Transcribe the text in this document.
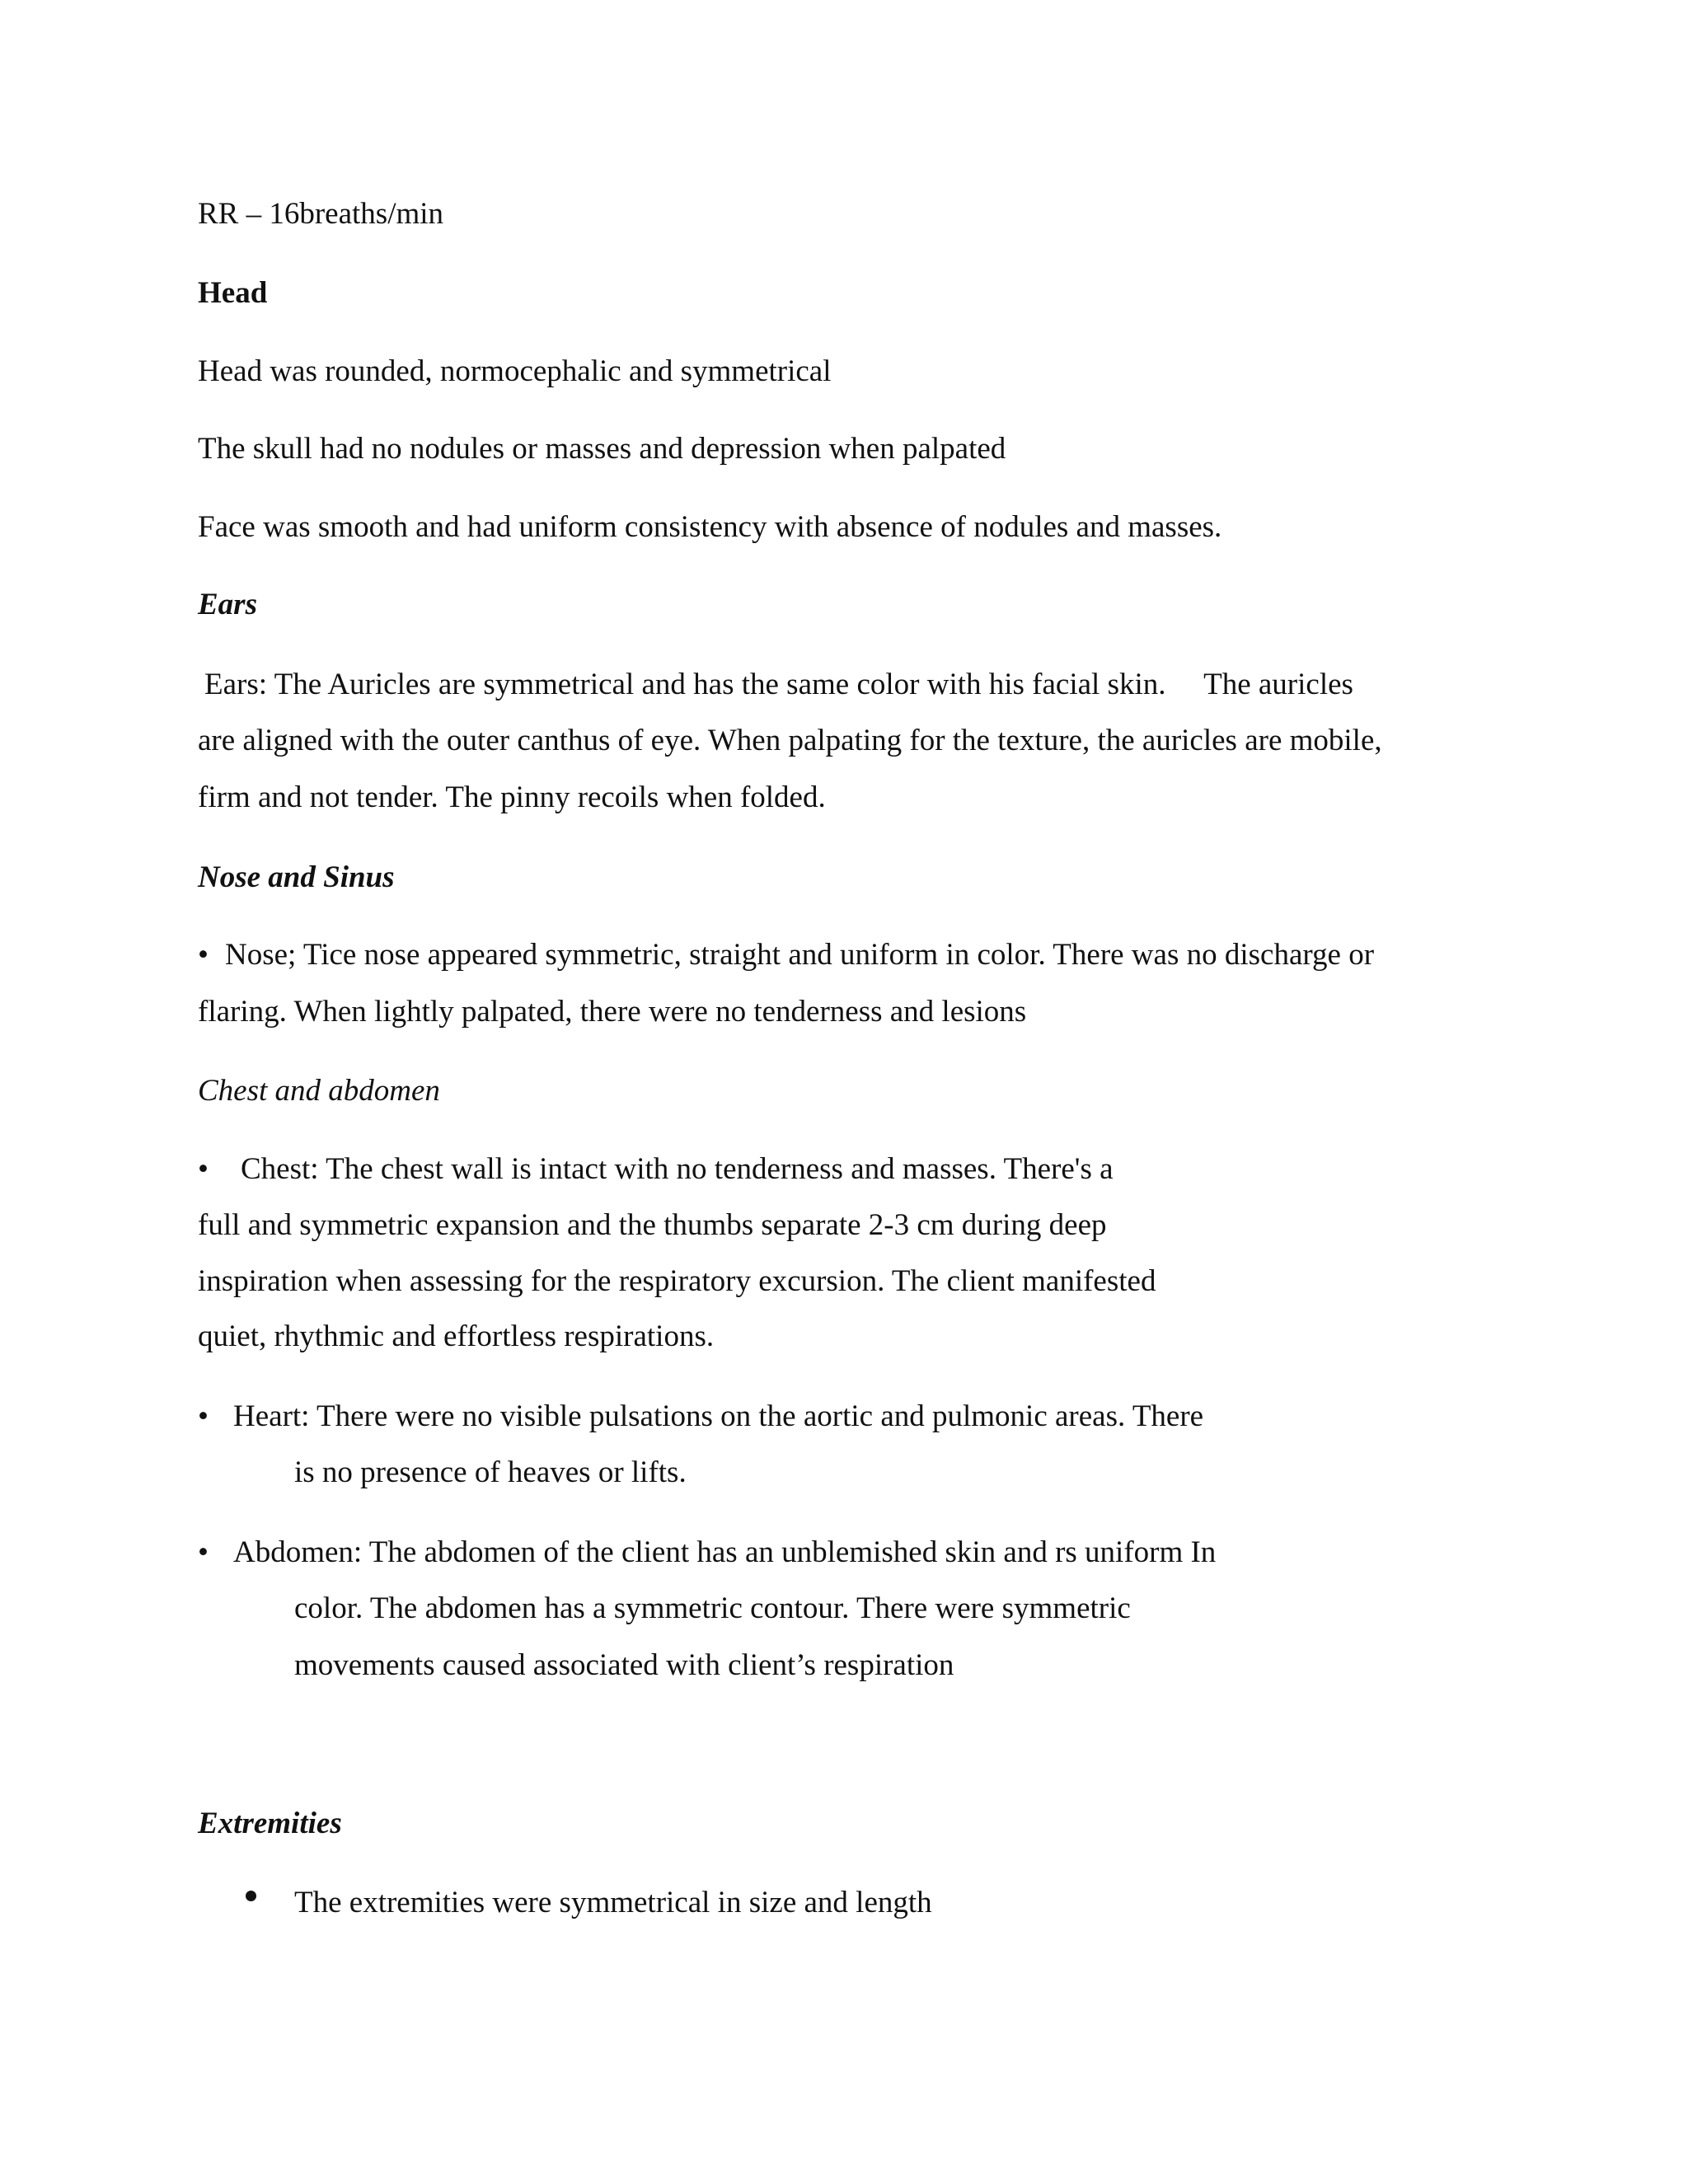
RR – 16breaths/min
Head
Head was rounded, normocephalic and symmetrical
The skull had no nodules or masses and depression when palpated
Face was smooth and had uniform consistency with absence of nodules and masses.
Ears
Ears: The Auricles are symmetrical and has the same color with his facial skin.     The auricles
are aligned with the outer canthus of eye. When palpating for the texture, the auricles are mobile,
firm and not tender. The pinny recoils when folded.
Nose and Sinus
• Nose; Tice nose appeared symmetric, straight and uniform in color. There was no discharge or
flaring. When lightly palpated, there were no tenderness and lesions
Chest and abdomen
• Chest: The chest wall is intact with no tenderness and masses. There's a
full and symmetric expansion and the thumbs separate 2-3 cm during deep
inspiration when assessing for the respiratory excursion. The client manifested
quiet, rhythmic and effortless respirations.
• Heart: There were no visible pulsations on the aortic and pulmonic areas. There
is no presence of heaves or lifts.
• Abdomen: The abdomen of the client has an unblemished skin and rs uniform In
color. The abdomen has a symmetric contour. There were symmetric
movements caused associated with client’s respiration
Extremities
The extremities were symmetrical in size and length
